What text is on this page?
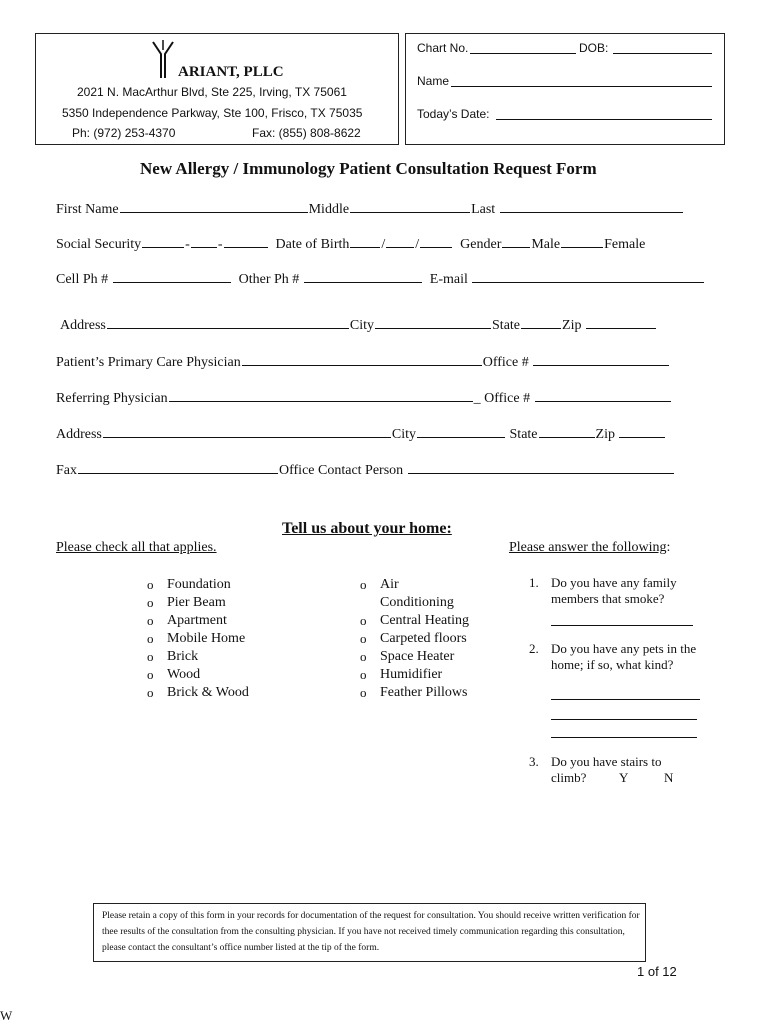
ARIANT, PLLC
2021 N. MacArthur Blvd, Ste 225, Irving, TX 75061
5350 Independence Parkway, Ste 100, Frisco, TX 75035
Ph: (972) 253-4370	Fax: (855) 808-8622
Chart No.	DOB:
Name
Today’s Date:
New Allergy / Immunology Patient Consultation Request Form
First Name	Middle	Last
Social Security	- -	Date of Birth / /	Gender Male	Female
Cell Ph #	Other Ph #	E-mail
Address	City	State	Zip
Patient’s Primary Care Physician	Office #
Referring Physician	_ Office #
Address	City	State	Zip
Fax	Office Contact Person
Tell us about your home:
Please check all that applies.	Please answer the following:
o Foundation
o Pier Beam
o Apartment
o Mobile Home
o Brick
o Wood
o Brick & Wood
o Air
Conditioning
o Central Heating
o Carpeted floors
o Space Heater
o Humidifier
o Feather Pillows
1. Do you have any family members that smoke?
2. Do you have any pets in the home; if so, what kind?
3. Do you have stairs to climb?	Y	N
Please retain a copy of this form in your records for documentation of the request for consultation. You should receive written verification for thee results of the consultation from the consulting physician. If you have not received timely communication regarding this consultation, please contact the consultant’s office number listed at the tip of the form.
1 of 12
W
